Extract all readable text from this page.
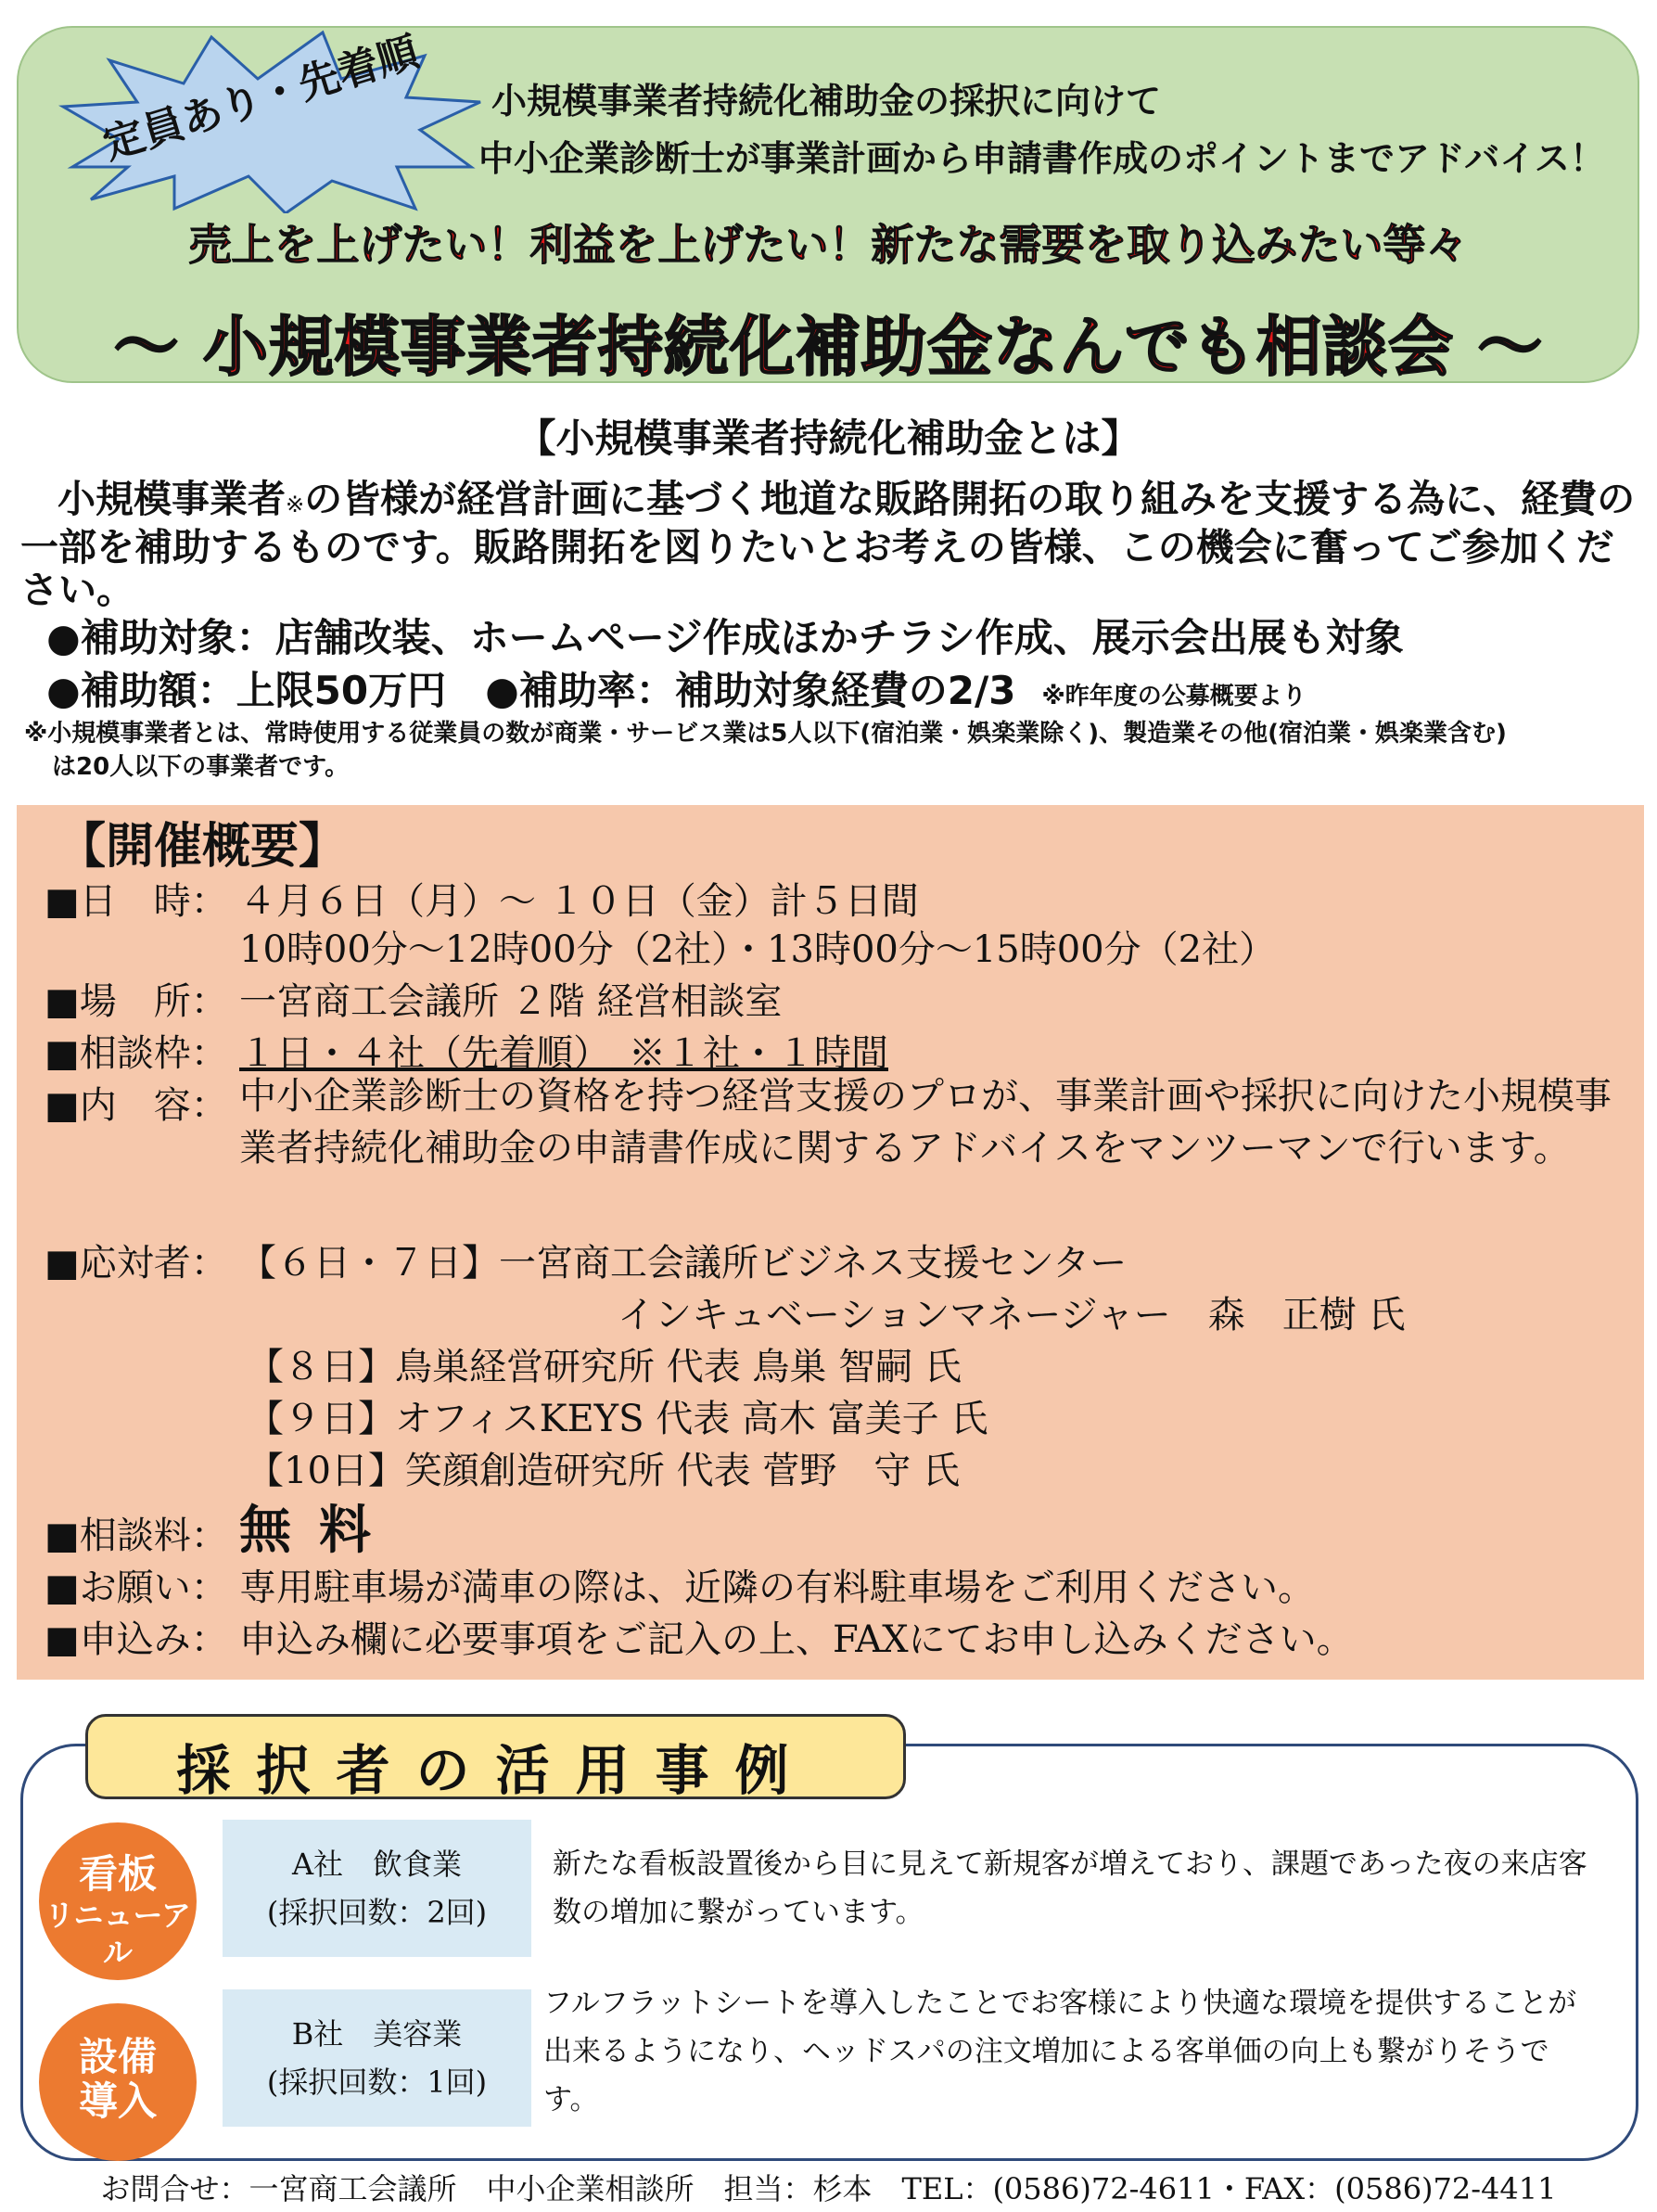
定員あり・先着順	小規模事業者持続化補助金の採択に向けて
中小企業診断士が事業計画から申請書作成のポイントまでアドバイス！
売上を上げたい！利益を上げたい！新たな需要を取り込みたい等々
～ 小規模事業者持続化補助金なんでも相談会 ～
【小規模事業者持続化補助金とは】
小規模事業者※の皆様が経営計画に基づく地道な販路開拓の取り組みを支援する為に、経費の一部を補助するものです。販路開拓を図りたいとお考えの皆様、この機会に奮ってご参加ください。
●補助対象：店舗改装、ホームページ作成ほかチラシ作成、展示会出展も対象
●補助額：上限50万円　●補助率：補助対象経費の2/3 ※昨年度の公募概要より
※小規模事業者とは、常時使用する従業員の数が商業・サービス業は5人以下(宿泊業・娯楽業除く)、製造業その他(宿泊業・娯楽業含む)
は20人以下の事業者です。
【開催概要】
■日　時： ４月６日（月）～ １０日（金）計５日間
10時00分～12時00分（2社）・13時00分～15時00分（2社）
■場　所： 一宮商工会議所 ２階 経営相談室
■相談枠： １日・４社（先着順）　※１社・１時間
■内　容： 中小企業診断士の資格を持つ経営支援のプロが、事業計画や採択に向けた小規模事業者持続化補助金の申請書作成に関するアドバイスをマンツーマンで行います。
■応対者： 【６日・７日】一宮商工会議所ビジネス支援センター
インキュベーションマネージャー　森　正樹 氏
【８日】鳥巣経営研究所 代表 鳥巣 智嗣 氏
【９日】オフィスKEYS 代表 高木 富美子 氏
【10日】笑顔創造研究所 代表 菅野　守 氏
■相談料： 無料
■お願い： 専用駐車場が満車の際は、近隣の有料駐車場をご利用ください。
■申込み： 申込み欄に必要事項をご記入の上、FAXにてお申し込みください。
採択者の活用事例
看板
リニューアル
A社　飲食業
(採択回数：2回)
新たな看板設置後から目に見えて新規客が増えており、課題であった夜の来店客数の増加に繋がっています。
設備
導入
B社　美容業
(採択回数：1回)
フルフラットシートを導入したことでお客様により快適な環境を提供することが出来るようになり、ヘッドスパの注文増加による客単価の向上も繋がりそうです。
お問合せ：一宮商工会議所　中小企業相談所　担当：杉本　TEL：(0586)72-4611・FAX：(0586)72-4411
